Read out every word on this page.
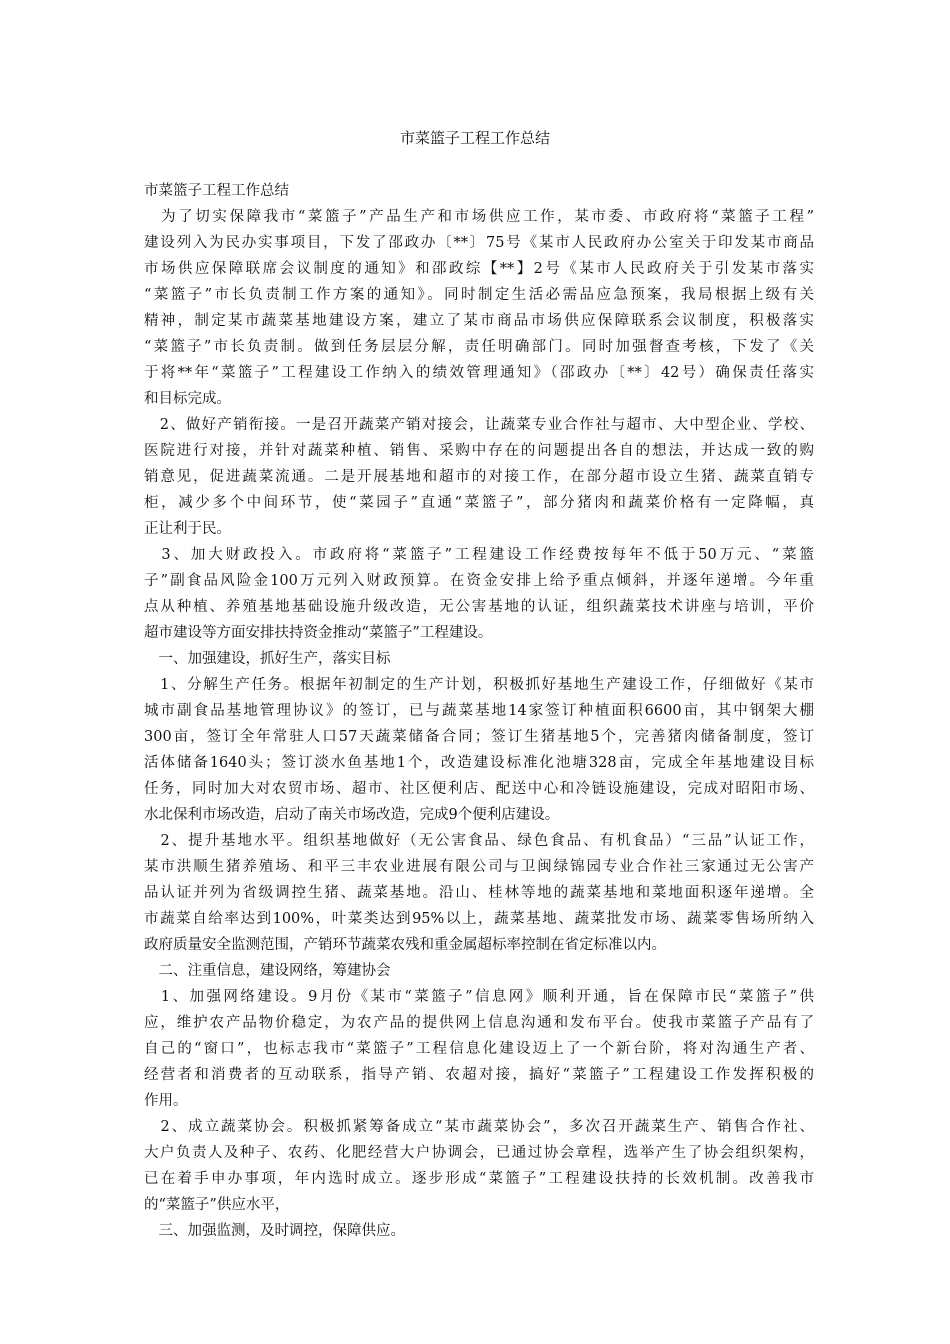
市菜篮子工程工作总结
市菜篮子工程工作总结
　为了切实保障我市“菜篮子”产品生产和市场供应工作，某市委、市政府将“菜篮子工程”
建设列入为民办实事项目，下发了邵政办〔**〕75号《某市人民政府办公室关于印发某市商品
市场供应保障联席会议制度的通知》和邵政综【**】2号《某市人民政府关于引发某市落实
“菜篮子”市长负责制工作方案的通知》。同时制定生活必需品应急预案，我局根据上级有关
精神，制定某市蔬菜基地建设方案，建立了某市商品市场供应保障联系会议制度，积极落实
“菜篮子”市长负责制。做到任务层层分解，责任明确部门。同时加强督查考核，下发了《关
于将**年“菜篮子”工程建设工作纳入的绩效管理通知》（邵政办〔**〕42号）确保责任落实
和目标完成。
　2、做好产销衔接。一是召开蔬菜产销对接会，让蔬菜专业合作社与超市、大中型企业、学校、
医院进行对接，并针对蔬菜种植、销售、采购中存在的问题提出各自的想法，并达成一致的购
销意见，促进蔬菜流通。二是开展基地和超市的对接工作，在部分超市设立生猪、蔬菜直销专
柜，减少多个中间环节，使“菜园子”直通“菜篮子”，部分猪肉和蔬菜价格有一定降幅，真
正让利于民。
　3、加大财政投入。市政府将“菜篮子”工程建设工作经费按每年不低于50万元、“菜篮
子”副食品风险金100万元列入财政预算。在资金安排上给予重点倾斜，并逐年递增。今年重
点从种植、养殖基地基础设施升级改造，无公害基地的认证，组织蔬菜技术讲座与培训，平价
超市建设等方面安排扶持资金推动“菜篮子”工程建设。
　一、加强建设，抓好生产，落实目标
　1、分解生产任务。根据年初制定的生产计划，积极抓好基地生产建设工作，仔细做好《某市
城市副食品基地管理协议》的签订，已与蔬菜基地14家签订种植面积6600亩，其中钢架大棚
300亩，签订全年常驻人口57天蔬菜储备合同；签订生猪基地5个，完善猪肉储备制度，签订
活体储备1640头；签订淡水鱼基地1个，改造建设标准化池塘328亩，完成全年基地建设目标
任务，同时加大对农贸市场、超市、社区便利店、配送中心和冷链设施建设，完成对昭阳市场、
水北保利市场改造，启动了南关市场改造，完成9个便利店建设。
　2、提升基地水平。组织基地做好（无公害食品、绿色食品、有机食品）“三品”认证工作，
某市洪顺生猪养殖场、和平三丰农业进展有限公司与卫闽绿锦园专业合作社三家通过无公害产
品认证并列为省级调控生猪、蔬菜基地。沿山、桂林等地的蔬菜基地和菜地面积逐年递增。全
市蔬菜自给率达到100%，叶菜类达到95%以上，蔬菜基地、蔬菜批发市场、蔬菜零售场所纳入
政府质量安全监测范围，产销环节蔬菜农残和重金属超标率控制在省定标准以内。
　二、注重信息，建设网络，筹建协会
　1、加强网络建设。9月份《某市“菜篮子”信息网》顺利开通，旨在保障市民“菜篮子”供
应，维护农产品物价稳定，为农产品的提供网上信息沟通和发布平台。使我市菜篮子产品有了
自己的“窗口”，也标志我市“菜篮子”工程信息化建设迈上了一个新台阶，将对沟通生产者、
经营者和消费者的互动联系，指导产销、农超对接，搞好“菜篮子”工程建设工作发挥积极的
作用。
　2、成立蔬菜协会。积极抓紧筹备成立“某市蔬菜协会”，多次召开蔬菜生产、销售合作社、
大户负责人及种子、农药、化肥经营大户协调会，已通过协会章程，选举产生了协会组织架构，
已在着手申办事项，年内选时成立。逐步形成“菜篮子”工程建设扶持的长效机制。改善我市
的“菜篮子”供应水平，
　三、加强监测，及时调控，保障供应。
